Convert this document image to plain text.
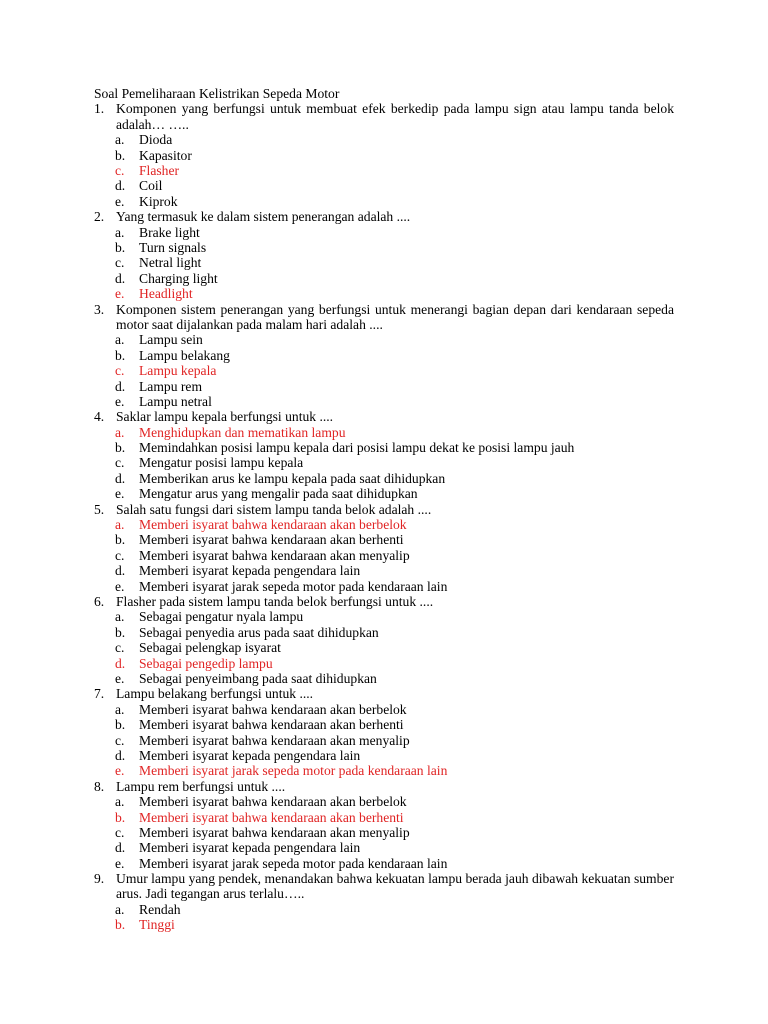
Soal Pemeliharaan Kelistrikan Sepeda Motor
1. Komponen yang berfungsi untuk membuat efek berkedip pada lampu sign atau lampu tanda belok adalah… …..
a. Dioda
b. Kapasitor
c. Flasher
d. Coil
e. Kiprok
2. Yang termasuk ke dalam sistem penerangan adalah ....
a. Brake light
b. Turn signals
c. Netral light
d. Charging light
e. Headlight
3. Komponen sistem penerangan yang berfungsi untuk menerangi bagian depan dari kendaraan sepeda motor saat dijalankan pada malam hari adalah ....
a. Lampu sein
b. Lampu belakang
c. Lampu kepala
d. Lampu rem
e. Lampu netral
4. Saklar lampu kepala berfungsi untuk ....
a. Menghidupkan dan mematikan lampu
b. Memindahkan posisi lampu kepala dari posisi lampu dekat ke posisi lampu jauh
c. Mengatur posisi lampu kepala
d. Memberikan arus ke lampu kepala pada saat dihidupkan
e. Mengatur arus yang mengalir pada saat dihidupkan
5. Salah satu fungsi dari sistem lampu tanda belok adalah ....
a. Memberi isyarat bahwa kendaraan akan berbelok
b. Memberi isyarat bahwa kendaraan akan berhenti
c. Memberi isyarat bahwa kendaraan akan menyalip
d. Memberi isyarat kepada pengendara lain
e. Memberi isyarat jarak sepeda motor pada kendaraan lain
6. Flasher pada sistem lampu tanda belok berfungsi untuk ....
a. Sebagai pengatur nyala lampu
b. Sebagai penyedia arus pada saat dihidupkan
c. Sebagai pelengkap isyarat
d. Sebagai pengedip lampu
e. Sebagai penyeimbang pada saat dihidupkan
7. Lampu belakang berfungsi untuk ....
a. Memberi isyarat bahwa kendaraan akan berbelok
b. Memberi isyarat bahwa kendaraan akan berhenti
c. Memberi isyarat bahwa kendaraan akan menyalip
d. Memberi isyarat kepada pengendara lain
e. Memberi isyarat jarak sepeda motor pada kendaraan lain
8. Lampu rem berfungsi untuk ....
a. Memberi isyarat bahwa kendaraan akan berbelok
b. Memberi isyarat bahwa kendaraan akan berhenti
c. Memberi isyarat bahwa kendaraan akan menyalip
d. Memberi isyarat kepada pengendara lain
e. Memberi isyarat jarak sepeda motor pada kendaraan lain
9. Umur lampu yang pendek, menandakan bahwa kekuatan lampu berada jauh dibawah kekuatan sumber arus. Jadi tegangan arus terlalu…..
a. Rendah
b. Tinggi
